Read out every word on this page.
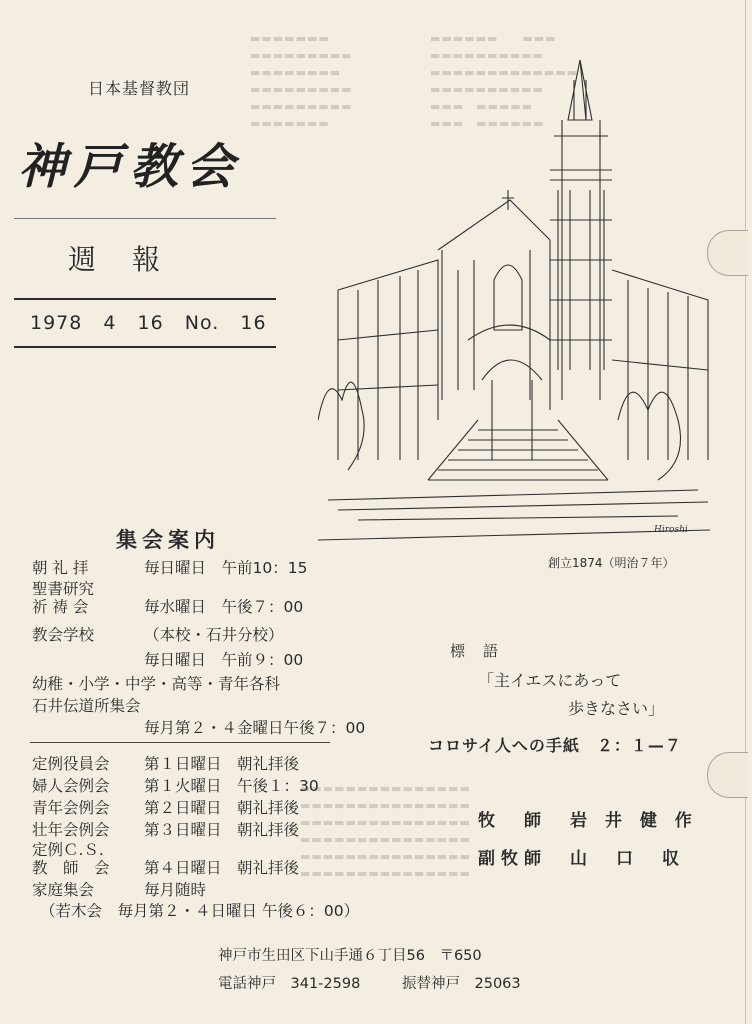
▬▬▬▬▬▬　　▬▬▬
▬▬▬▬▬▬▬▬▬▬
▬▬▬▬▬▬▬▬▬▬▬▬▬
▬▬▬▬▬▬▬▬▬▬
▬▬▬　▬▬▬▬▬
▬▬▬　▬▬▬▬▬▬
▬▬▬▬▬▬▬
▬▬▬▬▬▬▬▬▬
▬▬▬▬▬▬▬▬
▬▬▬▬▬▬▬▬▬
▬▬▬▬▬▬▬▬▬
▬▬▬▬▬▬▬
▬▬▬▬▬▬▬▬▬▬▬▬▬▬▬
▬▬▬▬▬▬▬▬▬▬▬▬▬▬▬
▬▬▬▬▬▬▬▬▬▬▬▬▬▬▬
▬▬▬▬▬▬▬▬▬▬▬▬▬▬▬
▬▬▬▬▬▬▬▬▬▬▬▬▬▬▬
▬▬▬▬▬▬▬▬▬▬▬▬▬▬▬
日本基督教団
神戸教会
週報
1978 4 16 No. 16
Hiroshi
創立1874（明治７年）
集会案内
朝 礼 拝	毎日曜日　午前10：15
聖書研究
祈 祷 会	毎水曜日　午後７：00
教会学校	（本校・石井分校）
毎日曜日　午前９：00
幼稚・小学・中学・高等・青年各科
石井伝道所集会
毎月第２・４金曜日午後７：00
定例役員会 第１日曜日　朝礼拝後
婦人会例会 第１火曜日　午後１：30
青年会例会 第２日曜日　朝礼拝後
壮年会例会 第３日曜日　朝礼拝後
定例Ｃ.Ｓ.
教　師　会 第４日曜日　朝礼拝後
家庭集会	毎月随時
（若木会　毎月第２・４日曜日 午後６：00）
標語
「主イエスにあって
歩きなさい」
コロサイ人への手紙　２：１—７
牧　師　 岩 井 健 作
副牧師　 山　口　収
神戸市生田区下山手通６丁目56　〒650
電話神戸　341-2598	振替神戸　25063
